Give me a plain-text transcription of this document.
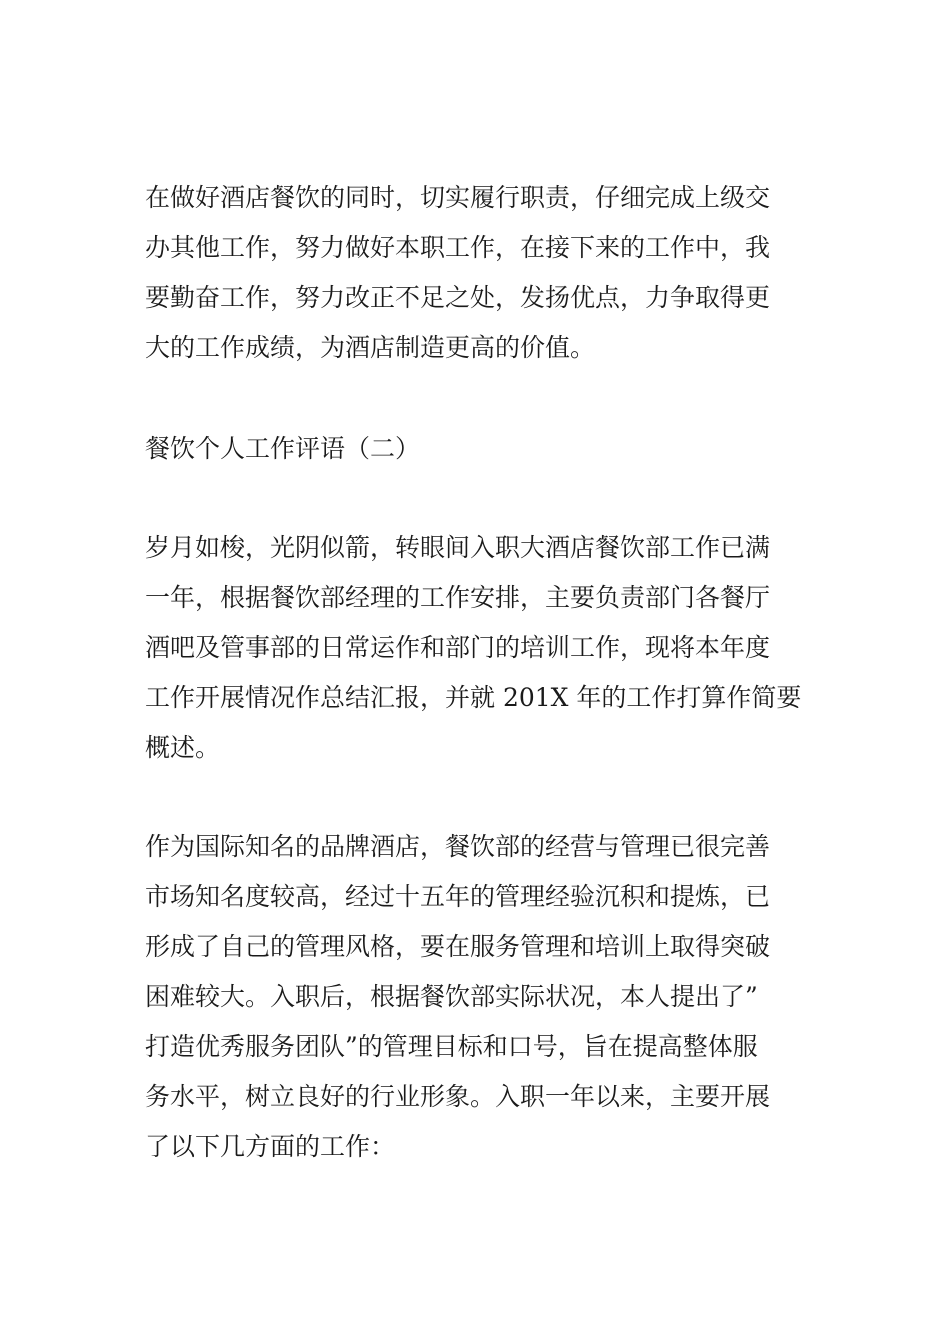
在做好酒店餐饮的同时，切实履行职责，仔细完成上级交
办其他工作，努力做好本职工作，在接下来的工作中，我
要勤奋工作，努力改正不足之处，发扬优点，力争取得更
大的工作成绩，为酒店制造更高的价值。
餐饮个人工作评语（二）
岁月如梭，光阴似箭，转眼间入职大酒店餐饮部工作已满
一年，根据餐饮部经理的工作安排，主要负责部门各餐厅
酒吧及管事部的日常运作和部门的培训工作，现将本年度
工作开展情况作总结汇报，并就 201X 年的工作打算作简要
概述。
作为国际知名的品牌酒店，餐饮部的经营与管理已很完善
市场知名度较高，经过十五年的管理经验沉积和提炼，已
形成了自己的管理风格，要在服务管理和培训上取得突破
困难较大。入职后，根据餐饮部实际状况，本人提出了”
打造优秀服务团队”的管理目标和口号，旨在提高整体服
务水平，树立良好的行业形象。入职一年以来，主要开展
了以下几方面的工作：
